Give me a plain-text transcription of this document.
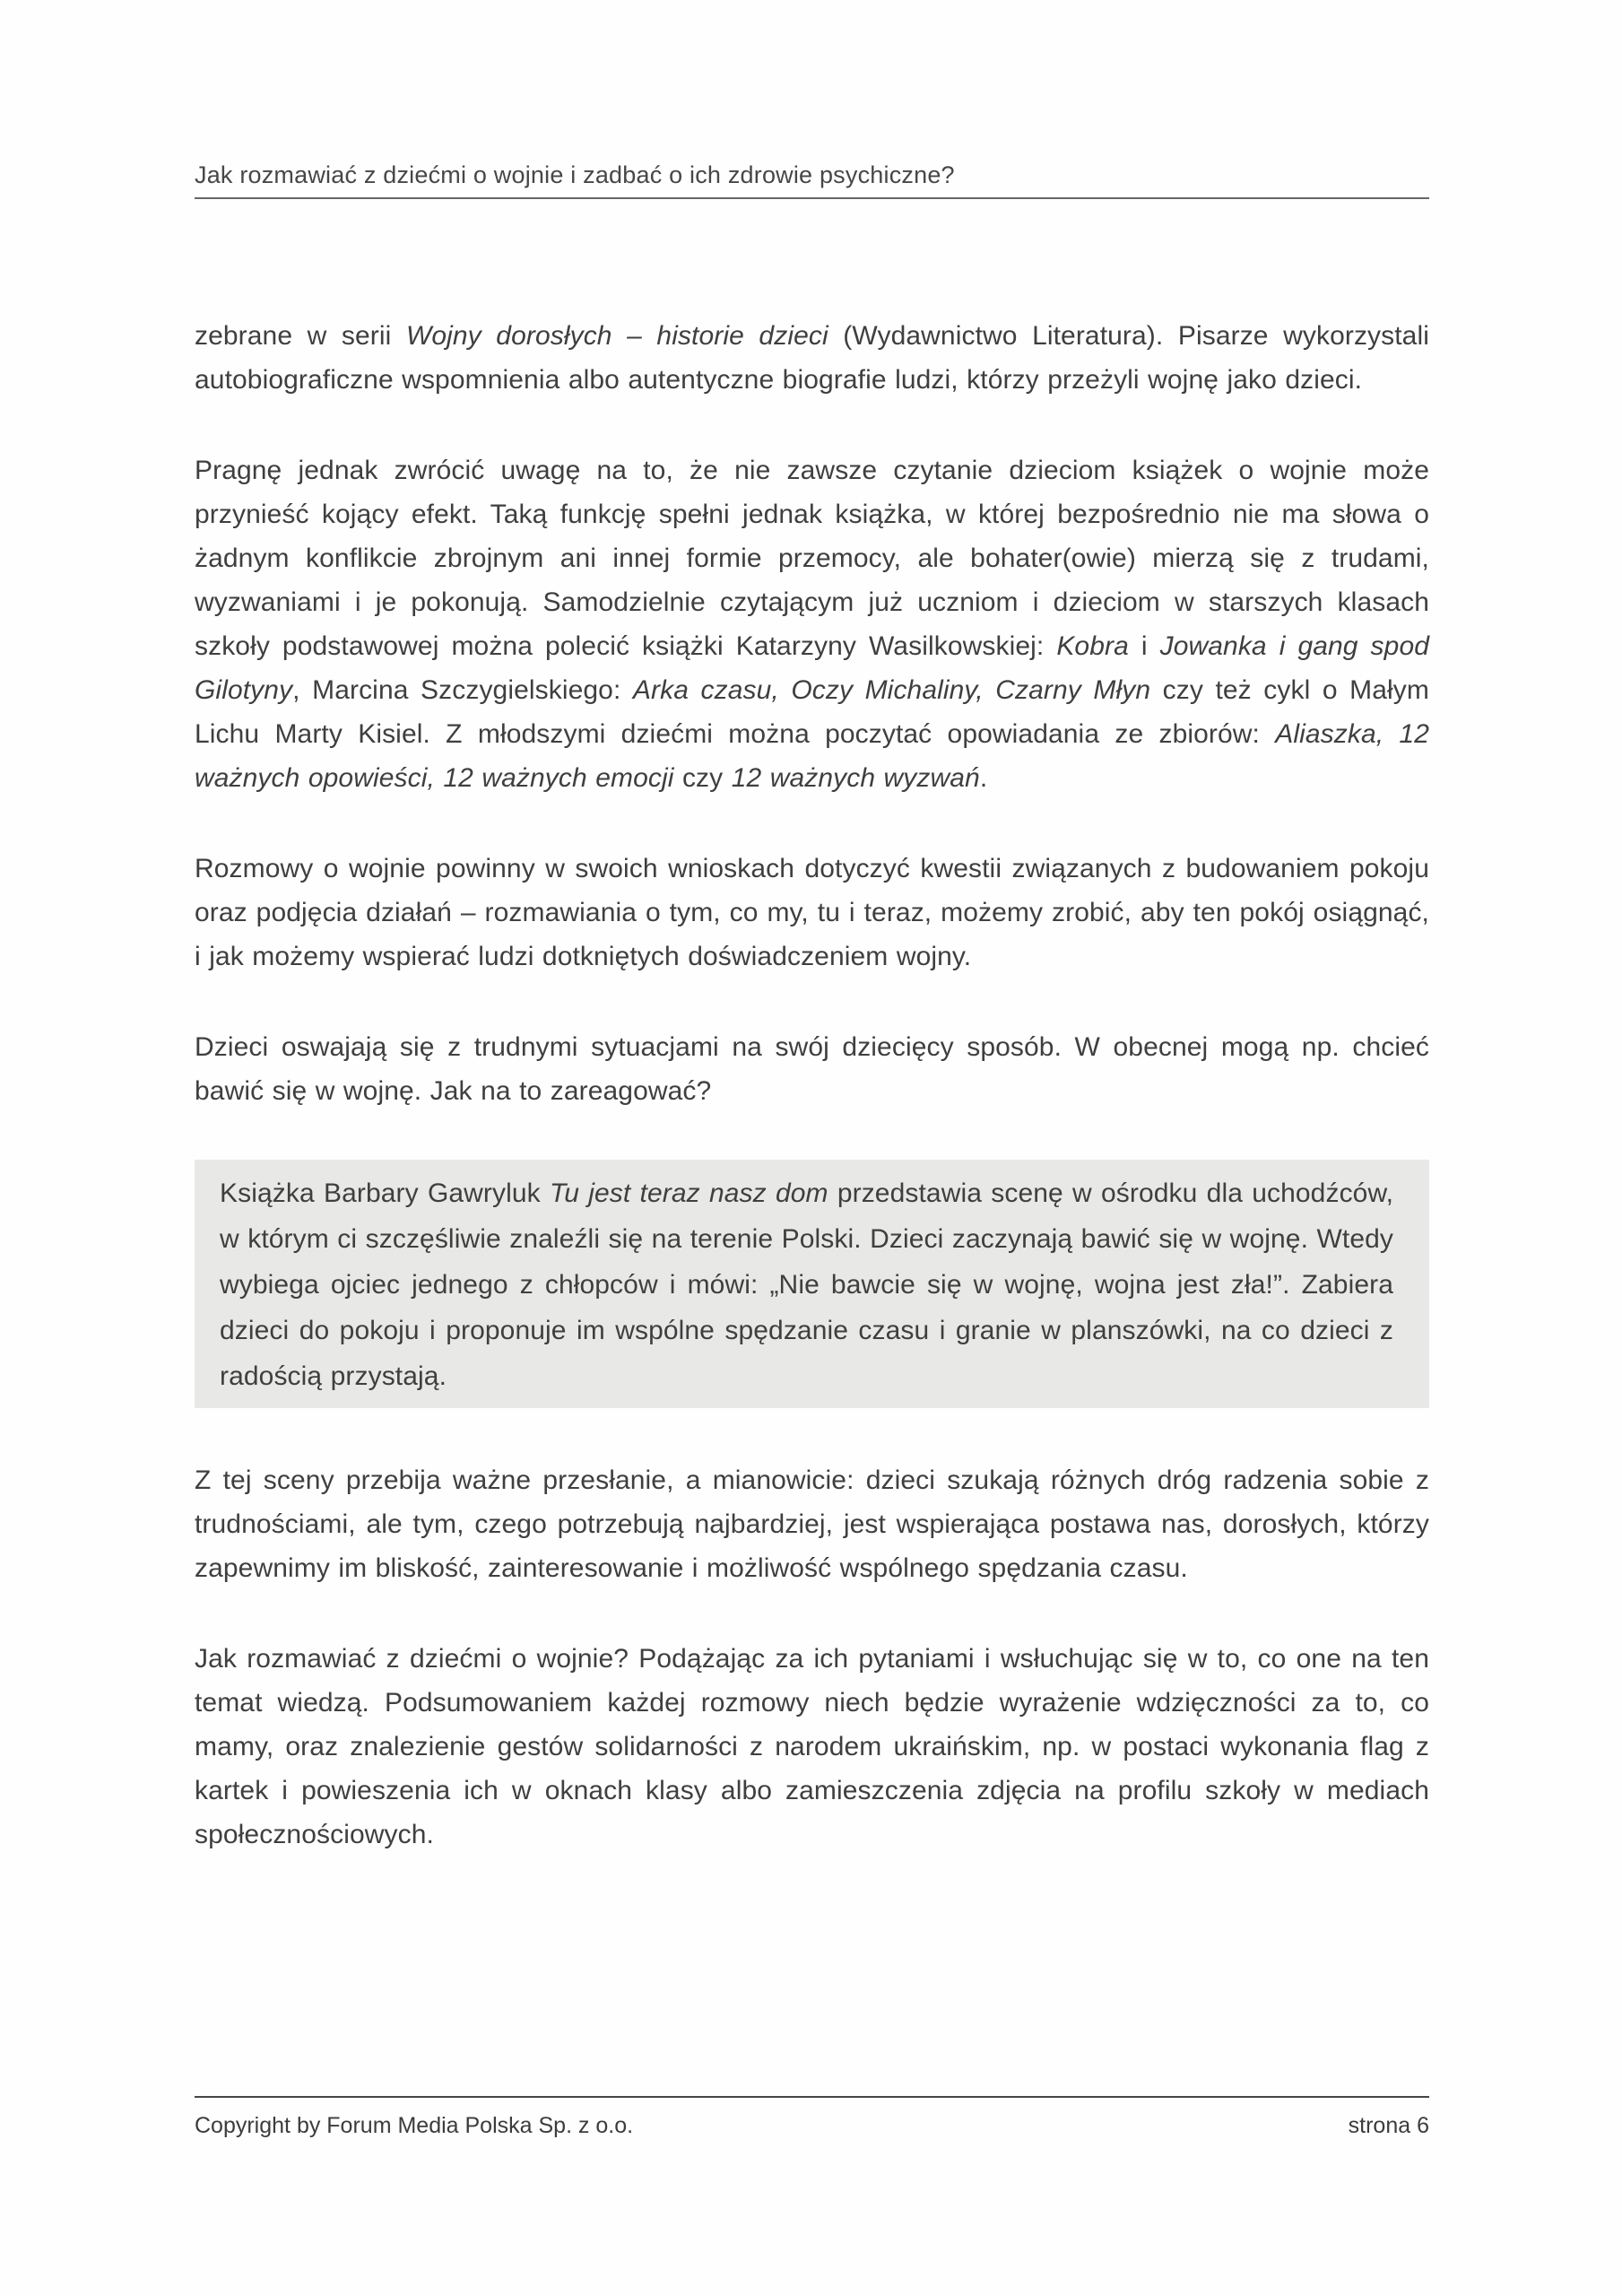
Jak rozmawiać z dziećmi o wojnie i zadbać o ich zdrowie psychiczne?

zebrane w serii Wojny dorosłych – historie dzieci (Wydawnictwo Literatura). Pisarze wykorzystali autobiograficzne wspomnienia albo autentyczne biografie ludzi, którzy przeżyli wojnę jako dzieci.

Pragnę jednak zwrócić uwagę na to, że nie zawsze czytanie dzieciom książek o wojnie może przynieść kojący efekt. Taką funkcję spełni jednak książka, w której bezpośrednio nie ma słowa o żadnym konflikcie zbrojnym ani innej formie przemocy, ale bohater(owie) mierzą się z trudami, wyzwaniami i je pokonują. Samodzielnie czytającym już uczniom i dzieciom w starszych klasach szkoły podstawowej można polecić książki Katarzyny Wasilkowskiej: Kobra i Jowanka i gang spod Gilotyny, Marcina Szczygielskiego: Arka czasu, Oczy Michaliny, Czarny Młyn czy też cykl o Małym Lichu Marty Kisiel. Z młodszymi dziećmi można poczytać opowiadania ze zbiorów: Aliaszka, 12 ważnych opowieści, 12 ważnych emocji czy 12 ważnych wyzwań.

Rozmowy o wojnie powinny w swoich wnioskach dotyczyć kwestii związanych z budowaniem pokoju oraz podjęcia działań – rozmawiania o tym, co my, tu i teraz, możemy zrobić, aby ten pokój osiągnąć, i jak możemy wspierać ludzi dotkniętych doświadczeniem wojny.

Dzieci oswajają się z trudnymi sytuacjami na swój dziecięcy sposób. W obecnej mogą np. chcieć bawić się w wojnę. Jak na to zareagować?

Książka Barbary Gawryluk Tu jest teraz nasz dom przedstawia scenę w ośrodku dla uchodźców, w którym ci szczęśliwie znaleźli się na terenie Polski. Dzieci zaczynają bawić się w wojnę. Wtedy wybiega ojciec jednego z chłopców i mówi: „Nie bawcie się w wojnę, wojna jest zła!”. Zabiera dzieci do pokoju i proponuje im wspólne spędzanie czasu i granie w planszówki, na co dzieci z radością przystają.

Z tej sceny przebija ważne przesłanie, a mianowicie: dzieci szukają różnych dróg radzenia sobie z trudnościami, ale tym, czego potrzebują najbardziej, jest wspierająca postawa nas, dorosłych, którzy zapewnimy im bliskość, zainteresowanie i możliwość wspólnego spędzania czasu.

Jak rozmawiać z dziećmi o wojnie? Podążając za ich pytaniami i wsłuchując się w to, co one na ten temat wiedzą. Podsumowaniem każdej rozmowy niech będzie wyrażenie wdzięczności za to, co mamy, oraz znalezienie gestów solidarności z narodem ukraińskim, np. w postaci wykonania flag z kartek i powieszenia ich w oknach klasy albo zamieszczenia zdjęcia na profilu szkoły w mediach społecznościowych.

Copyright by Forum Media Polska Sp. z o.o.	strona 6
